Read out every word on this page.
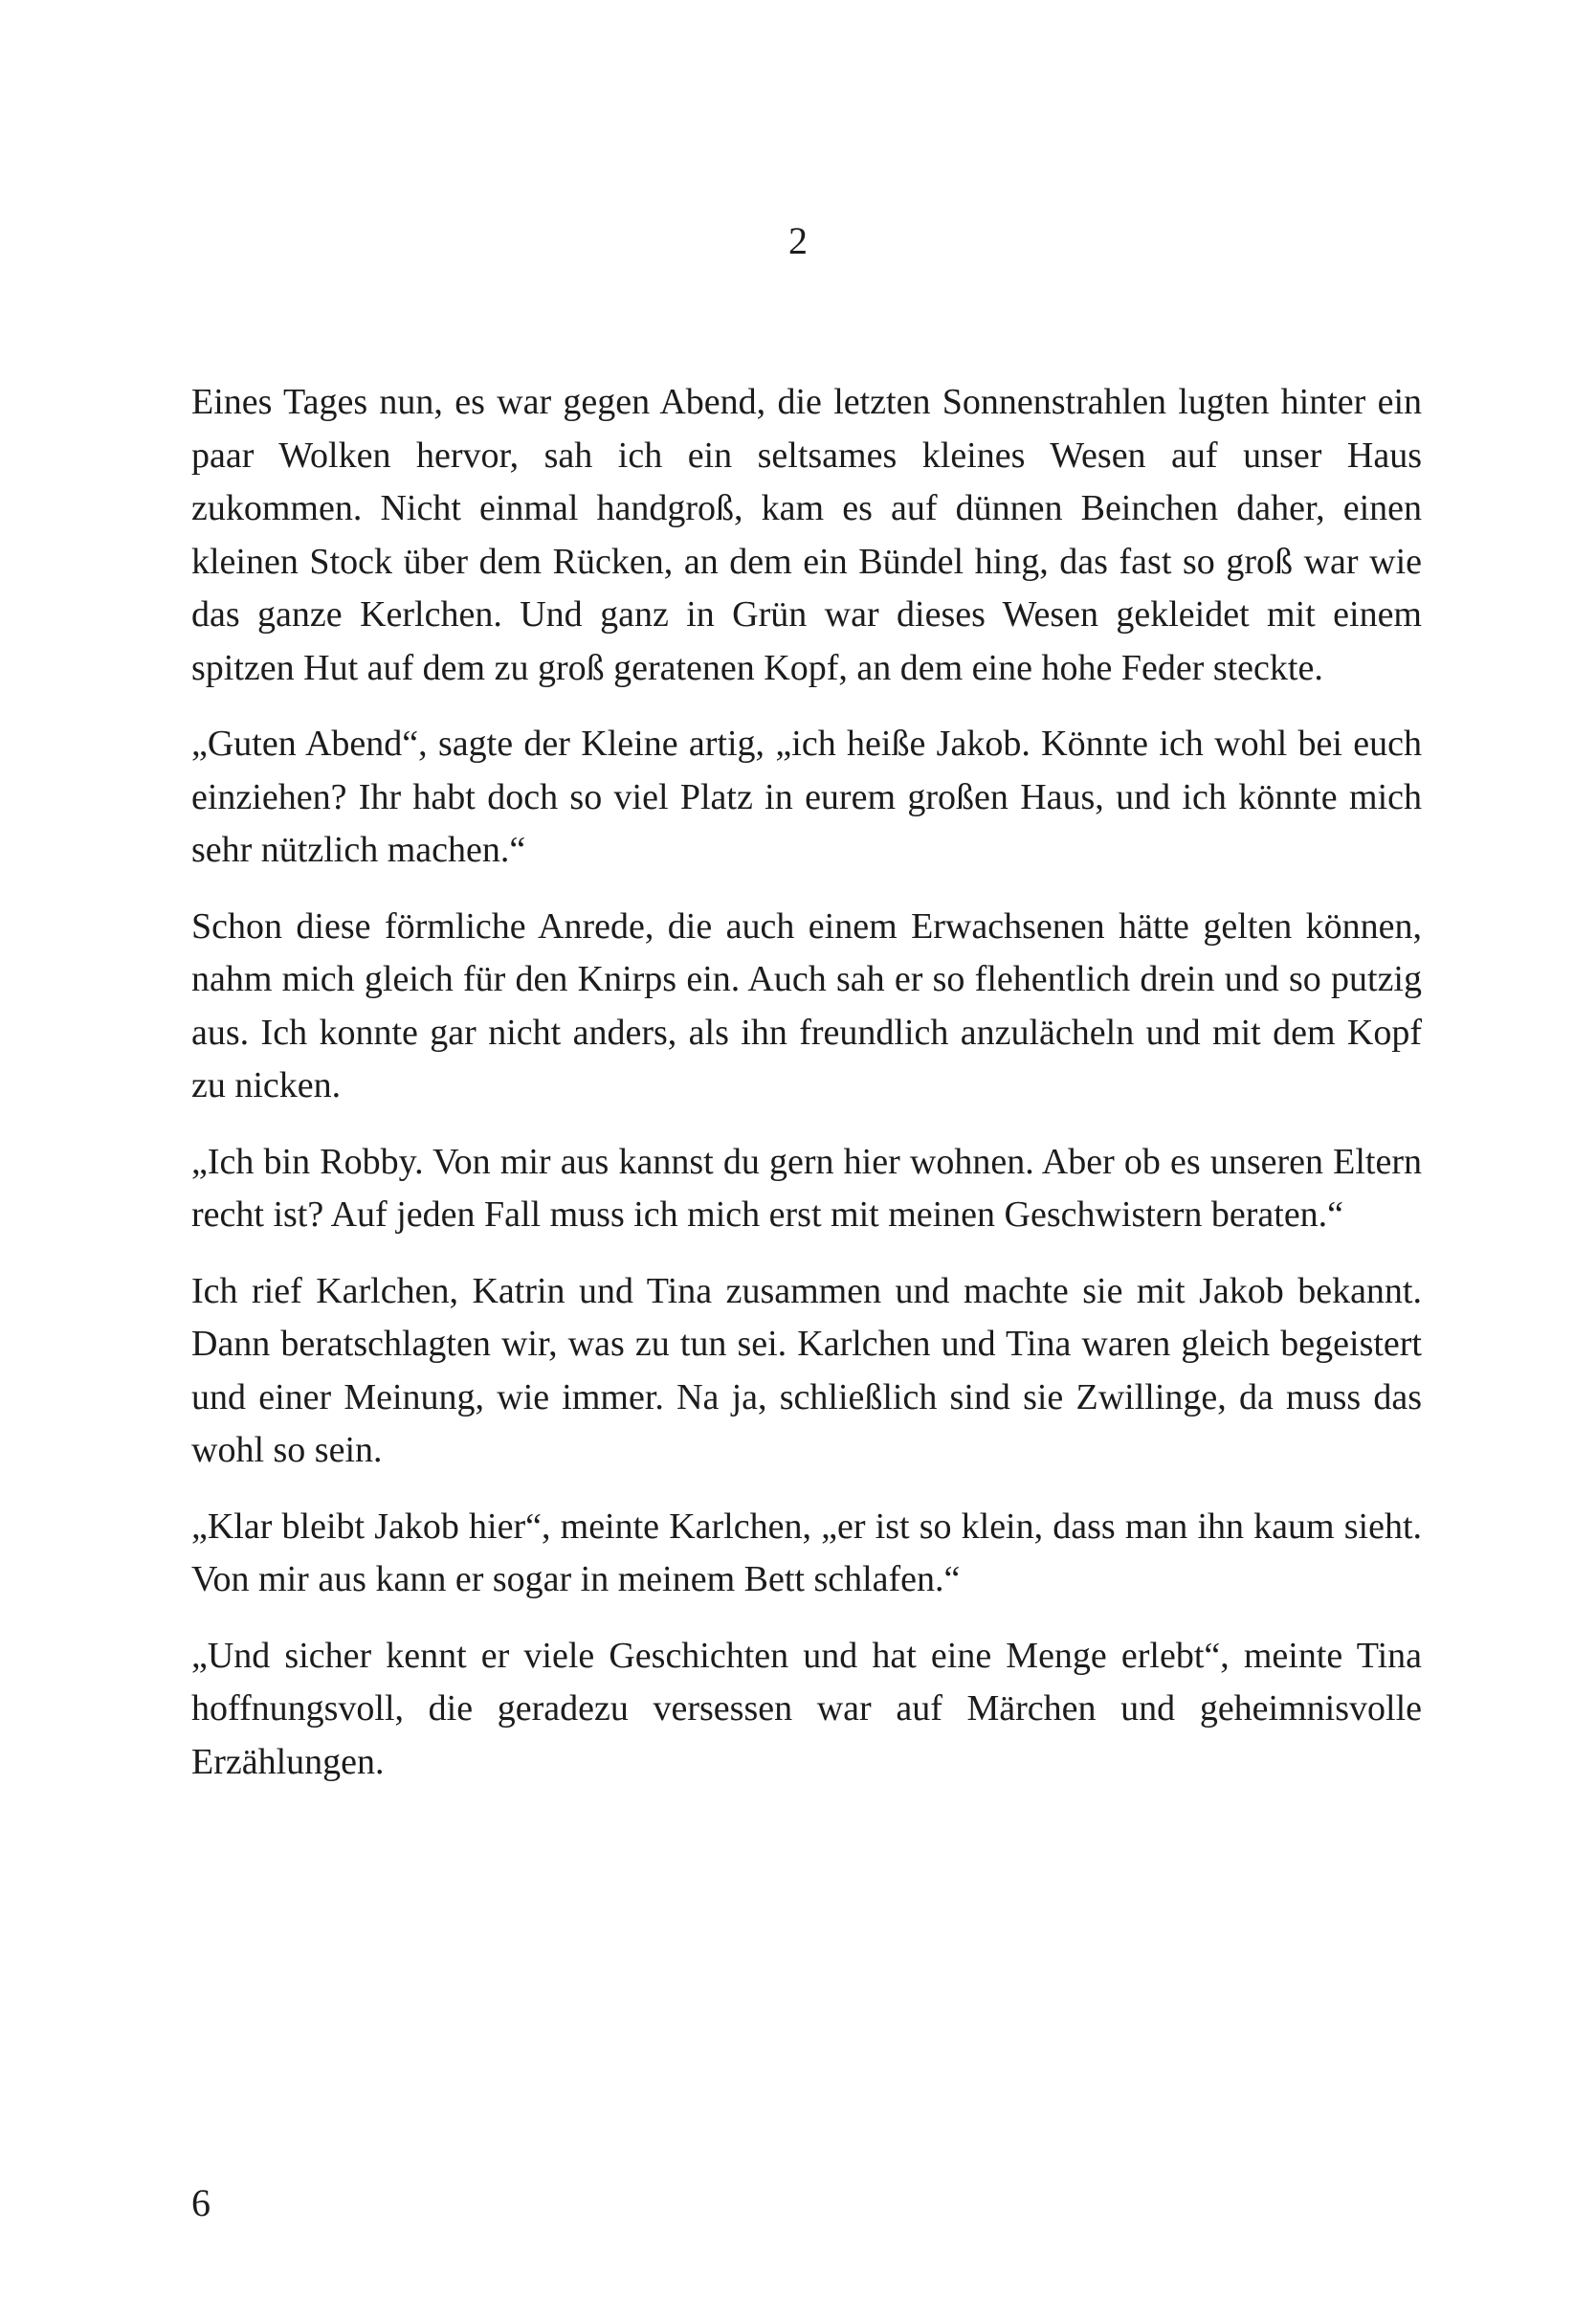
2

Eines Tages nun, es war gegen Abend, die letzten Sonnenstrahlen lugten hinter ein paar Wolken hervor, sah ich ein seltsames kleines Wesen auf unser Haus zukommen. Nicht einmal handgroß, kam es auf dünnen Beinchen daher, einen kleinen Stock über dem Rücken, an dem ein Bündel hing, das fast so groß war wie das ganze Kerlchen. Und ganz in Grün war dieses Wesen gekleidet mit einem spitzen Hut auf dem zu groß geratenen Kopf, an dem eine hohe Feder steckte.

„Guten Abend“, sagte der Kleine artig, „ich heiße Jakob. Könnte ich wohl bei euch einziehen? Ihr habt doch so viel Platz in eurem großen Haus, und ich könnte mich sehr nützlich machen.“

Schon diese förmliche Anrede, die auch einem Erwachsenen hätte gelten können, nahm mich gleich für den Knirps ein. Auch sah er so flehentlich drein und so putzig aus. Ich konnte gar nicht anders, als ihn freundlich anzulächeln und mit dem Kopf zu nicken.

„Ich bin Robby. Von mir aus kannst du gern hier wohnen. Aber ob es unseren Eltern recht ist? Auf jeden Fall muss ich mich erst mit meinen Geschwistern beraten.“

Ich rief Karlchen, Katrin und Tina zusammen und machte sie mit Jakob bekannt. Dann beratschlagten wir, was zu tun sei. Karlchen und Tina waren gleich begeistert und einer Meinung, wie immer. Na ja, schließlich sind sie Zwillinge, da muss das wohl so sein.

„Klar bleibt Jakob hier“, meinte Karlchen, „er ist so klein, dass man ihn kaum sieht. Von mir aus kann er sogar in meinem Bett schlafen.“

„Und sicher kennt er viele Geschichten und hat eine Menge erlebt“, meinte Tina hoffnungsvoll, die geradezu versessen war auf Märchen und geheimnisvolle Erzählungen.

6
